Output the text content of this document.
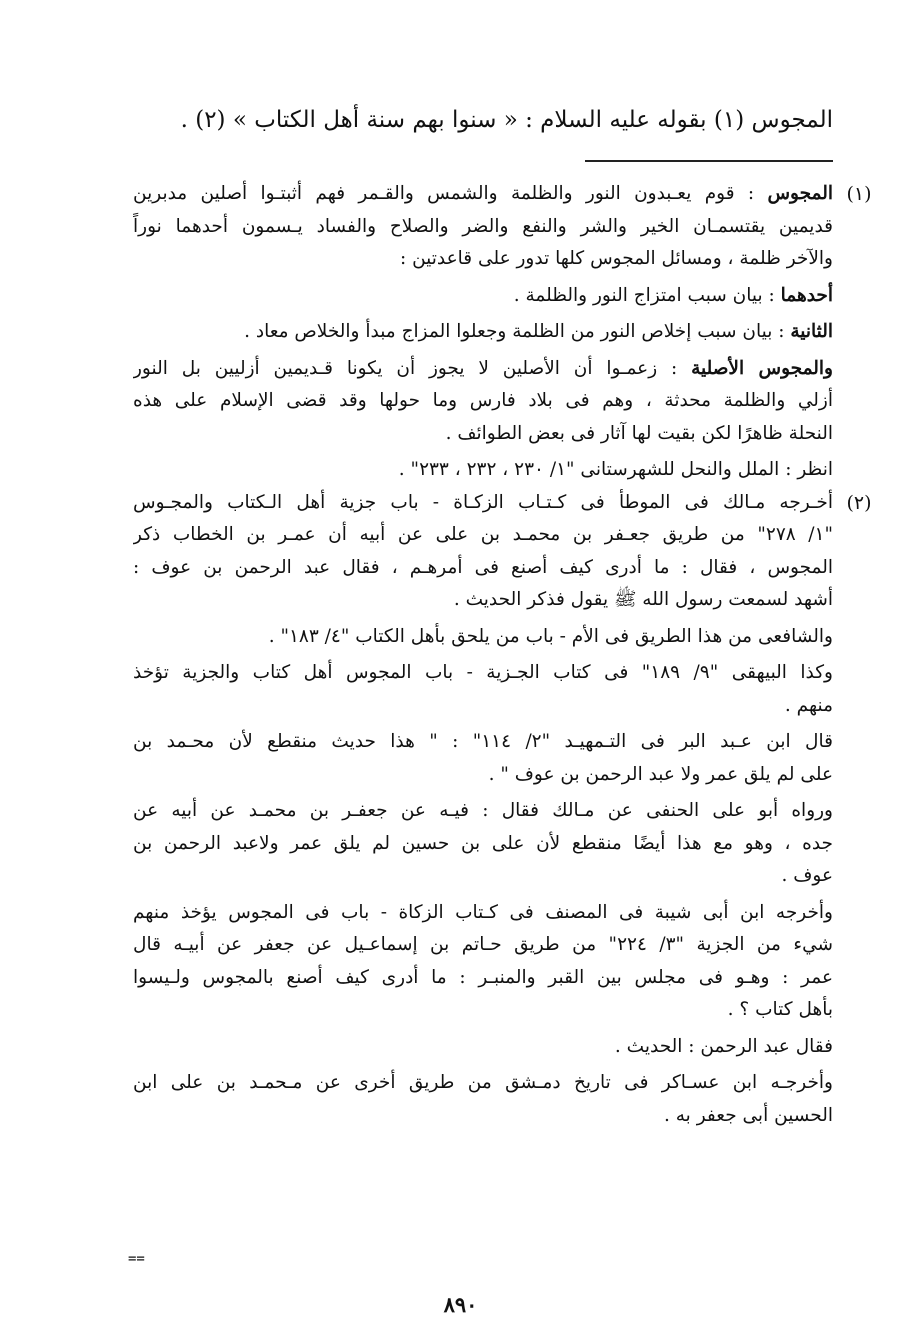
المجوس (١) بقوله عليه السلام : « سنوا بهم سنة أهل الكتاب » (٢) .
(١)
المجوس : قوم يعـبدون النور والظلمة والشمس والقـمر فهم أثبتـوا أصلين مدبرين
قديمين يقتسمـان الخير والشر والنفع والضر والصلاح والفساد يـسمون أحدهما نوراً
والآخر ظلمة ، ومسائل المجوس كلها تدور على قاعدتين :
أحدهما : بيان سبب امتزاج النور والظلمة .
الثانية : بيان سبب إخلاص النور من الظلمة وجعلوا المزاج مبدأ والخلاص معاد .
والمجوس الأصلية : زعمـوا أن الأصلين لا يجوز أن يكونا قـديمين أزليين بل النور
أزلي والظلمة محدثة ، وهم فى بلاد فارس وما حولها وقد قضى الإسلام على هذه
النحلة ظاهرًا لكن بقيت لها آثار فى بعض الطوائف .
انظر : الملل والنحل للشهرستانى "١/ ٢٣٠ ، ٢٣٢ ، ٢٣٣" .
(٢)
أخـرجه مـالك فى الموطأ فى كـتـاب الزكـاة - باب جزية أهل الـكتاب والمجـوس
"١/ ٢٧٨" من طريق جعـفر بن محمـد بن على عن أبيه أن عمـر بن الخطاب ذكر
المجوس ، فقال : ما أدرى كيف أصنع فى أمرهـم ، فقال عبد الرحمن بن عوف :
أشهد لسمعت رسول الله ﷺ يقول فذكر الحديث .
والشافعى من هذا الطريق فى الأم - باب من يلحق بأهل الكتاب "٤/ ١٨٣" .
وكذا البيهقى "٩/ ١٨٩" فى كتاب الجـزية - باب المجوس أهل كتاب والجزية تؤخذ
منهم .
قال ابن عـبد البر فى التـمهيـد "٢/ ١١٤" : " هذا حديث منقطع لأن محـمد بن
على لم يلق عمر ولا عبد الرحمن بن عوف " .
ورواه أبو على الحنفى عن مـالك فقال : فيـه عن جعفـر بن محمـد عن أبيه عن
جده ، وهو مع هذا أيضًا منقطع لأن على بن حسين لم يلق عمر ولاعبد الرحمن بن
عوف .
وأخرجه ابن أبى شيبة فى المصنف فى كـتاب الزكاة - باب فى المجوس يؤخذ منهم
شيء من الجزية "٣/ ٢٢٤" من طريق حـاتم بن إسماعـيل عن جعفر عن أبيـه قال
عمر : وهـو فى مجلس بين القبر والمنبـر : ما أدرى كيف أصنع بالمجوس ولـيسوا
بأهل كتاب ؟ .
فقال عبد الرحمن : الحديث .
وأخرجـه ابن عسـاكر فى تاريخ دمـشق من طريق أخرى عن مـحمـد بن على ابن
الحسين أبى جعفر به .
==
٨٩٠
